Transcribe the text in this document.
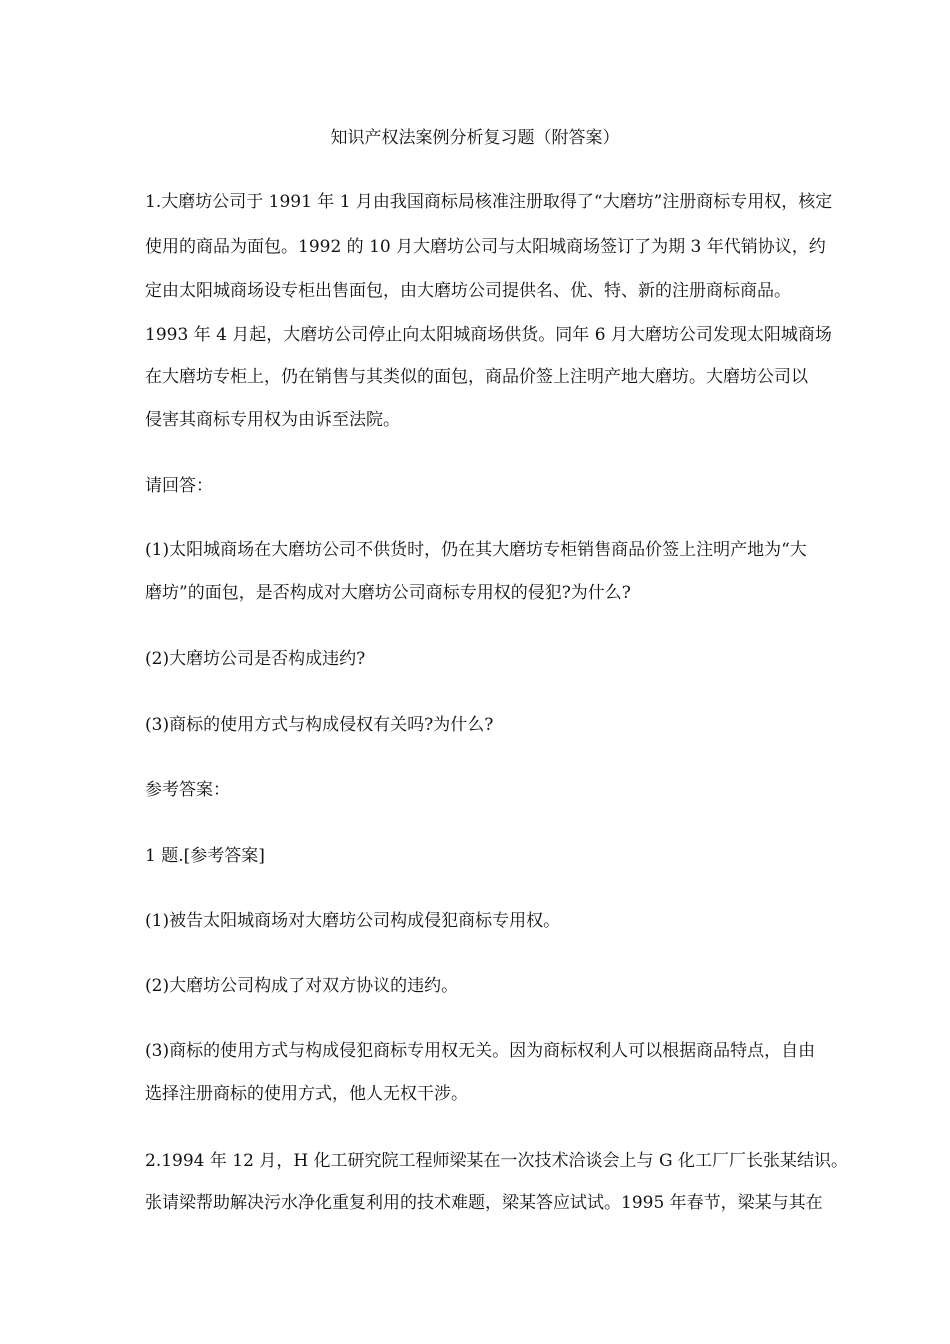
知识产权法案例分析复习题（附答案）
1.大磨坊公司于 1991 年 1 月由我国商标局核准注册取得了“大磨坊”注册商标专用权，核定
使用的商品为面包。1992 的 10 月大磨坊公司与太阳城商场签订了为期 3 年代销协议，约
定由太阳城商场设专柜出售面包，由大磨坊公司提供名、优、特、新的注册商标商品。
1993 年 4 月起，大磨坊公司停止向太阳城商场供货。同年 6 月大磨坊公司发现太阳城商场
在大磨坊专柜上，仍在销售与其类似的面包，商品价签上注明产地大磨坊。大磨坊公司以
侵害其商标专用权为由诉至法院。
请回答：
(1)太阳城商场在大磨坊公司不供货时，仍在其大磨坊专柜销售商品价签上注明产地为“大
磨坊”的面包，是否构成对大磨坊公司商标专用权的侵犯?为什么?
(2)大磨坊公司是否构成违约?
(3)商标的使用方式与构成侵权有关吗?为什么?
参考答案：
1 题.[参考答案]
(1)被告太阳城商场对大磨坊公司构成侵犯商标专用权。
(2)大磨坊公司构成了对双方协议的违约。
(3)商标的使用方式与构成侵犯商标专用权无关。因为商标权利人可以根据商品特点，自由
选择注册商标的使用方式，他人无权干涉。
2.1994 年 12 月，H 化工研究院工程师梁某在一次技术洽谈会上与 G 化工厂厂长张某结识。
张请梁帮助解决污水净化重复利用的技术难题，梁某答应试试。1995 年春节，梁某与其在
